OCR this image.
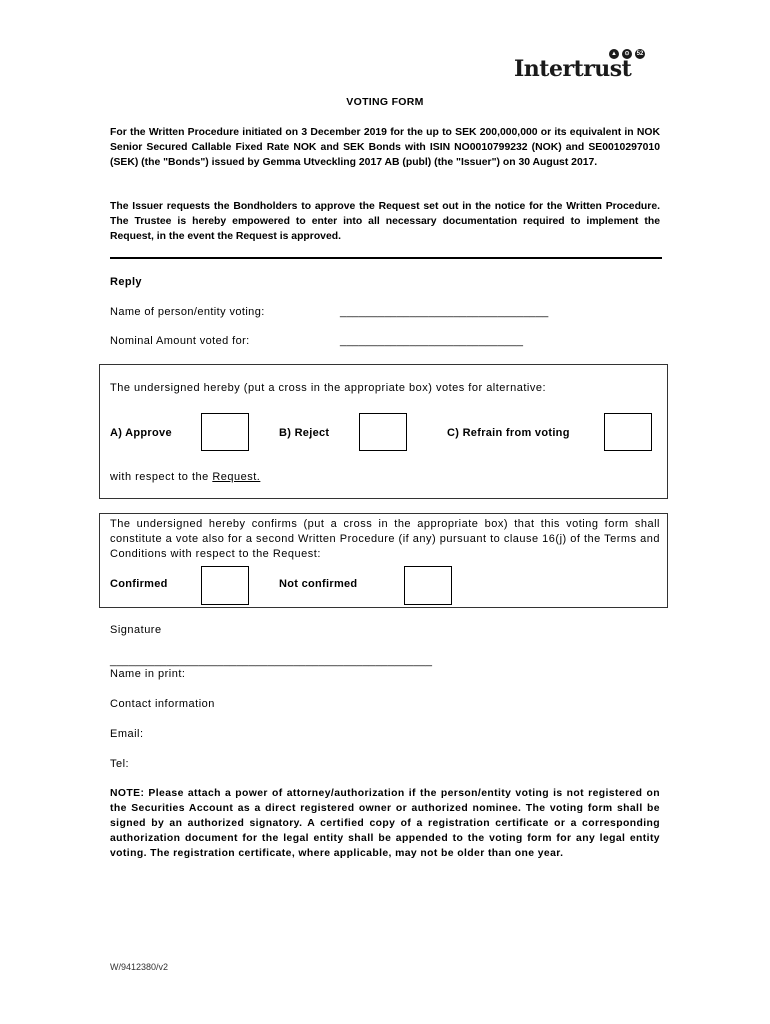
▲	⊙	52
Intertrust
VOTING FORM
For the Written Procedure initiated on 3 December 2019 for the up to SEK 200,000,000 or its equivalent in NOK Senior Secured Callable Fixed Rate NOK and SEK Bonds with ISIN NO0010799232 (NOK) and SE0010297010 (SEK) (the "Bonds") issued by Gemma Utveckling 2017 AB (publ) (the "Issuer") on 30 August 2017.
The Issuer requests the Bondholders to approve the Request set out in the notice for the Written Procedure. The Trustee is hereby empowered to enter into all necessary documentation required to implement the Request, in the event the Request is approved.
Reply
Name of person/entity voting:	_________________________________
Nominal Amount voted for:	_____________________________
The undersigned hereby (put a cross in the appropriate box) votes for alternative:
A) Approve	B) Reject	C) Refrain from voting
with respect to the Request.
The undersigned hereby confirms (put a cross in the appropriate box) that this voting form shall constitute a vote also for a second Written Procedure (if any) pursuant to clause 16(j) of the Terms and Conditions with respect to the Request:
Confirmed	Not confirmed
Signature
___________________________________________________
Name in print:
Contact information
Email:
Tel:
NOTE: Please attach a power of attorney/authorization if the person/entity voting is not registered on the Securities Account as a direct registered owner or authorized nominee. The voting form shall be signed by an authorized signatory. A certified copy of a registration certificate or a corresponding authorization document for the legal entity shall be appended to the voting form for any legal entity voting. The registration certificate, where applicable, may not be older than one year.
W/9412380/v2
